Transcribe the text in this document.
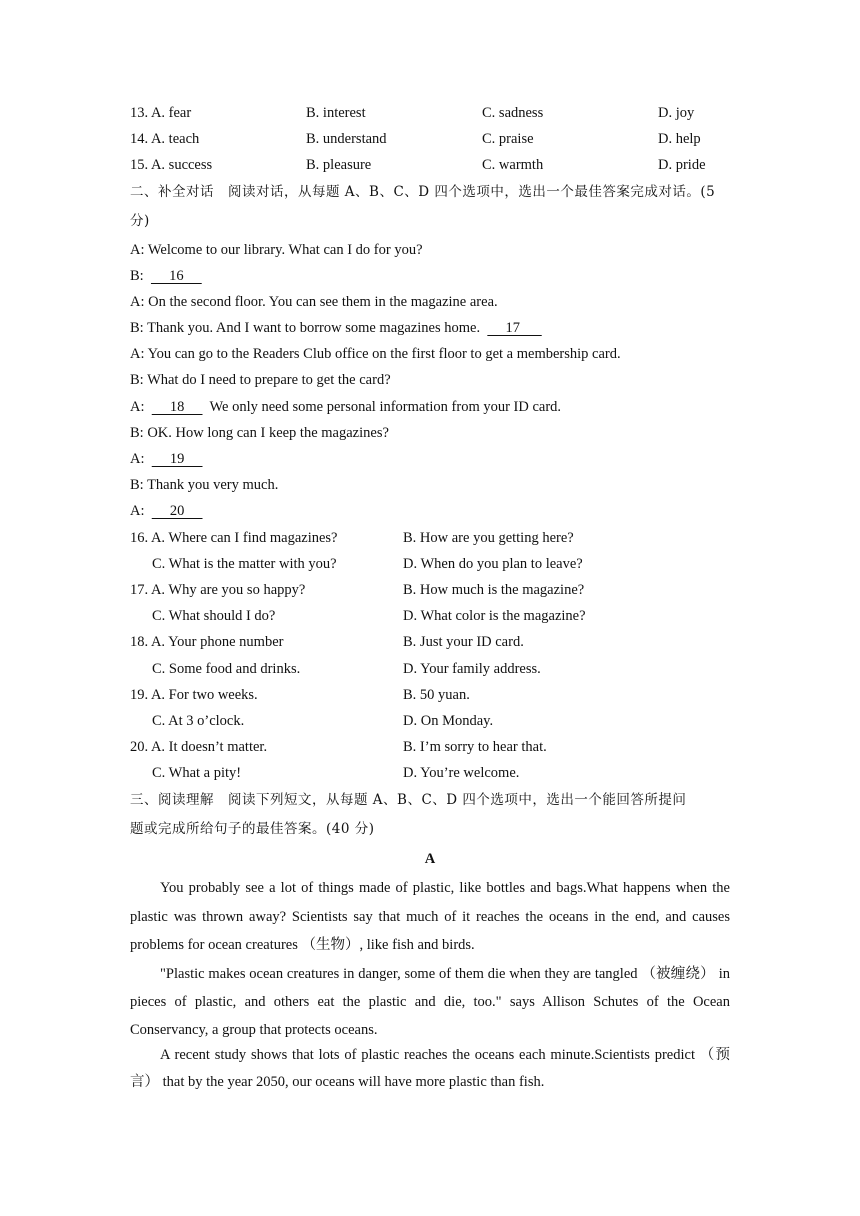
13. A. fear	B. interest	C. sadness	D. joy
14. A. teach	B. understand	C. praise	D. help
15. A. success	B. pleasure	C. warmth	D. pride
二、补全对话　阅读对话，从每题 A、B、C、D 四个选项中，选出一个最佳答案完成对话。(5
分)
A: Welcome to our library. What can I do for you?
B:       16
A: On the second floor. You can see them in the magazine area.
B: Thank you. And I want to borrow some magazines home.       17
A: You can go to the Readers Club office on the first floor to get a membership card.
B: What do I need to prepare to get the card?
A:       18       We only need some personal information from your ID card.
B: OK. How long can I keep the magazines?
A:       19
B: Thank you very much.
A:       20
16. A. Where can I find magazines?	B. How are you getting here?
C. What is the matter with you?	D. When do you plan to leave?
17. A. Why are you so happy?	B. How much is the magazine?
C. What should I do?	D. What color is the magazine?
18. A. Your phone number	B. Just your ID card.
C. Some food and drinks.	D. Your family address.
19. A. For two weeks.	B. 50 yuan.
C. At 3 o’clock.	D. On Monday.
20. A. It doesn’t matter.	B. I’m sorry to hear that.
C. What a pity!	D. You’re welcome.
三、阅读理解　阅读下列短文，从每题 A、B、C、D 四个选项中，选出一个能回答所提问
题或完成所给句子的最佳答案。(40 分)
A
You probably see a lot of things made of plastic, like bottles and bags.What happens when the plastic was thrown away? Scientists say that much of it reaches the oceans in the end, and causes problems for ocean creatures （生物）, like fish and birds.
"Plastic makes ocean creatures in danger, some of them die when they are tangled （被缠绕） in pieces of plastic, and others eat the plastic and die, too." says Allison Schutes of the Ocean Conservancy, a group that protects oceans.
A recent study shows that lots of plastic reaches the oceans each minute.Scientists predict （预言） that by the year 2050, our oceans will have more plastic than fish.
